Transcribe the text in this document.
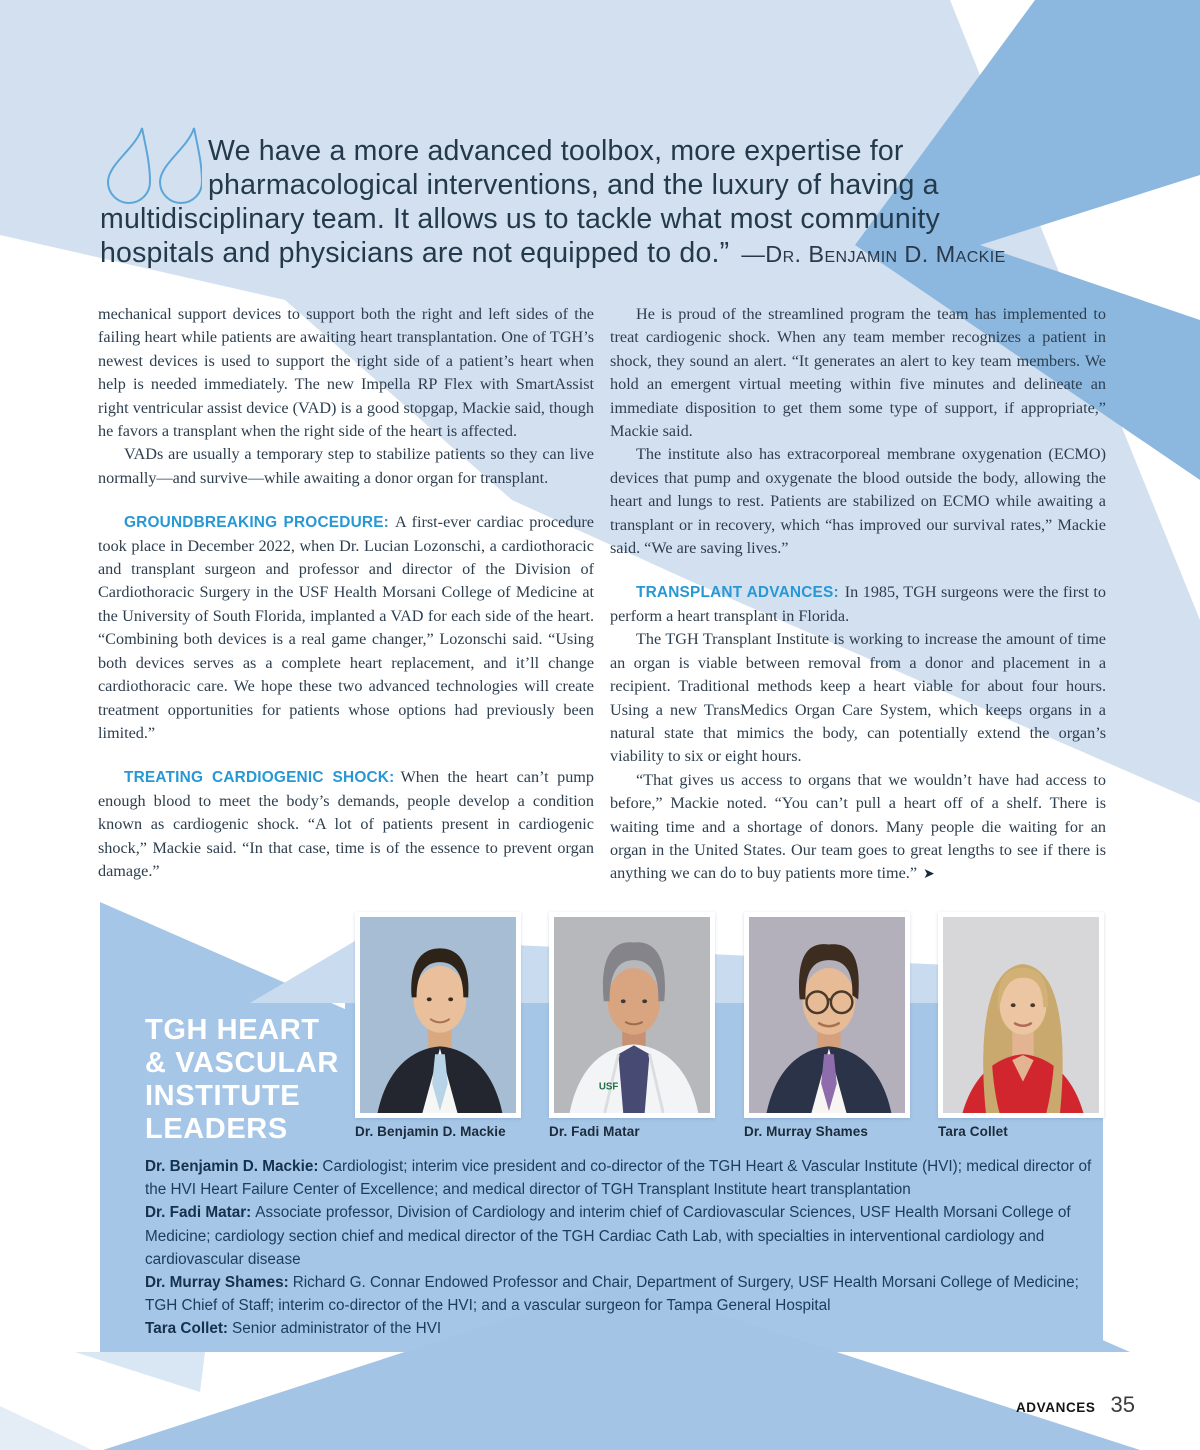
We have a more advanced toolbox, more expertise for
pharmacological interventions, and the luxury of having a
multidisciplinary team. It allows us to tackle what most community
hospitals and physicians are not equipped to do.” —Dr. Benjamin D. Mackie

mechanical support devices to support both the right and left sides of the failing heart while patients are awaiting heart transplantation. One of TGH’s newest devices is used to support the right side of a patient’s heart when help is needed immediately. The new Impella RP Flex with SmartAssist right ventricular assist device (VAD) is a good stopgap, Mackie said, though he favors a transplant when the right side of the heart is affected.

VADs are usually a temporary step to stabilize patients so they can live normally—and survive—while awaiting a donor organ for transplant.

GROUNDBREAKING PROCEDURE: A first-ever cardiac procedure took place in December 2022, when Dr. Lucian Lozonschi, a cardiothoracic and transplant surgeon and professor and director of the Division of Cardiothoracic Surgery in the USF Health Morsani College of Medicine at the University of South Florida, implanted a VAD for each side of the heart. “Combining both devices is a real game changer,” Lozonschi said. “Using both devices serves as a complete heart replacement, and it’ll change cardiothoracic care. We hope these two advanced technologies will create treatment opportunities for patients whose options had previously been limited.”

TREATING CARDIOGENIC SHOCK: When the heart can’t pump enough blood to meet the body’s demands, people develop a condition known as cardiogenic shock. “A lot of patients present in cardiogenic shock,” Mackie said. “In that case, time is of the essence to prevent organ damage.”

He is proud of the streamlined program the team has implemented to treat cardiogenic shock. When any team member recognizes a patient in shock, they sound an alert. “It generates an alert to key team members. We hold an emergent virtual meeting within five minutes and delineate an immediate disposition to get them some type of support, if appropriate,” Mackie said.

The institute also has extracorporeal membrane oxygenation (ECMO) devices that pump and oxygenate the blood outside the body, allowing the heart and lungs to rest. Patients are stabilized on ECMO while awaiting a transplant or in recovery, which “has improved our survival rates,” Mackie said. “We are saving lives.”

TRANSPLANT ADVANCES: In 1985, TGH surgeons were the first to perform a heart transplant in Florida.

The TGH Transplant Institute is working to increase the amount of time an organ is viable between removal from a donor and placement in a recipient. Traditional methods keep a heart viable for about four hours. Using a new TransMedics Organ Care System, which keeps organs in a natural state that mimics the body, can potentially extend the organ’s viability to six or eight hours.

“That gives us access to organs that we wouldn’t have had access to before,” Mackie noted. “You can’t pull a heart off of a shelf. There is waiting time and a shortage of donors. Many people die waiting for an organ in the United States. Our team goes to great lengths to see if there is anything we can do to buy patients more time.” ➤

TGH HEART
& VASCULAR
INSTITUTE
LEADERS
USF
Dr. Benjamin D. Mackie	Dr. Fadi Matar	Dr. Murray Shames	Tara Collet

Dr. Benjamin D. Mackie: Cardiologist; interim vice president and co-director of the TGH Heart & Vascular Institute (HVI); medical director of the HVI Heart Failure Center of Excellence; and medical director of TGH Transplant Institute heart transplantation

Dr. Fadi Matar: Associate professor, Division of Cardiology and interim chief of Cardiovascular Sciences, USF Health Morsani College of Medicine; cardiology section chief and medical director of the TGH Cardiac Cath Lab, with specialties in interventional cardiology and cardiovascular disease

Dr. Murray Shames: Richard G. Connar Endowed Professor and Chair, Department of Surgery, USF Health Morsani College of Medicine; TGH Chief of Staff; interim co-director of the HVI; and a vascular surgeon for Tampa General Hospital

Tara Collet: Senior administrator of the HVI

ADVANCES 35
